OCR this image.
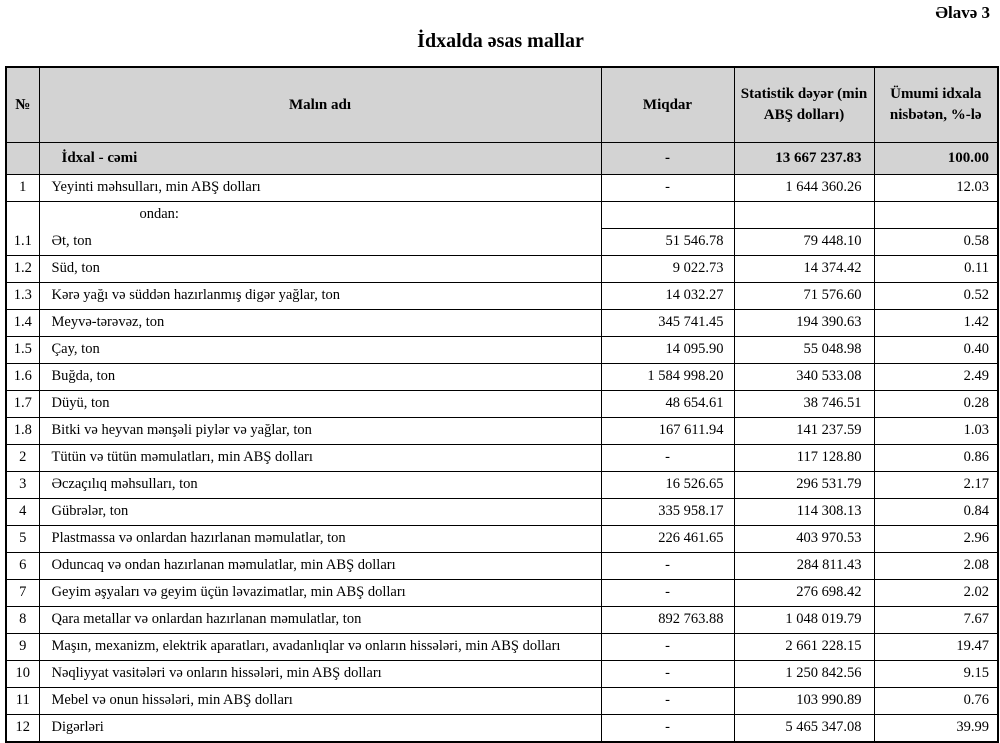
Əlavə 3
İdxalda əsas mallar
№	Malın adı	Miqdar	Statistik dəyər (min ABŞ dolları)	Ümumi idxala nisbətən, %-lə
	İdxal - cəmi	-	13 667 237.83	100.00
1	Yeyinti məhsulları, min ABŞ dolları	-	1 644 360.26	12.03
	ondan:			
1.1	Ət, ton	51 546.78	79 448.10	0.58
1.2	Süd, ton	9 022.73	14 374.42	0.11
1.3	Kərə yağı və süddən hazırlanmış digər yağlar, ton	14 032.27	71 576.60	0.52
1.4	Meyvə-tərəvəz, ton	345 741.45	194 390.63	1.42
1.5	Çay, ton	14 095.90	55 048.98	0.40
1.6	Buğda, ton	1 584 998.20	340 533.08	2.49
1.7	Düyü, ton	48 654.61	38 746.51	0.28
1.8	Bitki və heyvan mənşəli piylər və yağlar, ton	167 611.94	141 237.59	1.03
2	Tütün və tütün məmulatları, min ABŞ dolları	-	117 128.80	0.86
3	Əczaçılıq məhsulları, ton	16 526.65	296 531.79	2.17
4	Gübrələr, ton	335 958.17	114 308.13	0.84
5	Plastmassa və onlardan hazırlanan məmulatlar, ton	226 461.65	403 970.53	2.96
6	Oduncaq və ondan hazırlanan məmulatlar, min ABŞ dolları	-	284 811.43	2.08
7	Geyim əşyaları və geyim üçün ləvazimatlar, min ABŞ dolları	-	276 698.42	2.02
8	Qara metallar və onlardan hazırlanan məmulatlar, ton	892 763.88	1 048 019.79	7.67
9	Maşın, mexanizm, elektrik aparatları, avadanlıqlar və onların hissələri, min ABŞ dolları	-	2 661 228.15	19.47
10	Nəqliyyat vasitələri və onların hissələri, min ABŞ dolları	-	1 250 842.56	9.15
11	Mebel və onun hissələri, min ABŞ dolları	-	103 990.89	0.76
12	Digərləri	-	5 465 347.08	39.99
